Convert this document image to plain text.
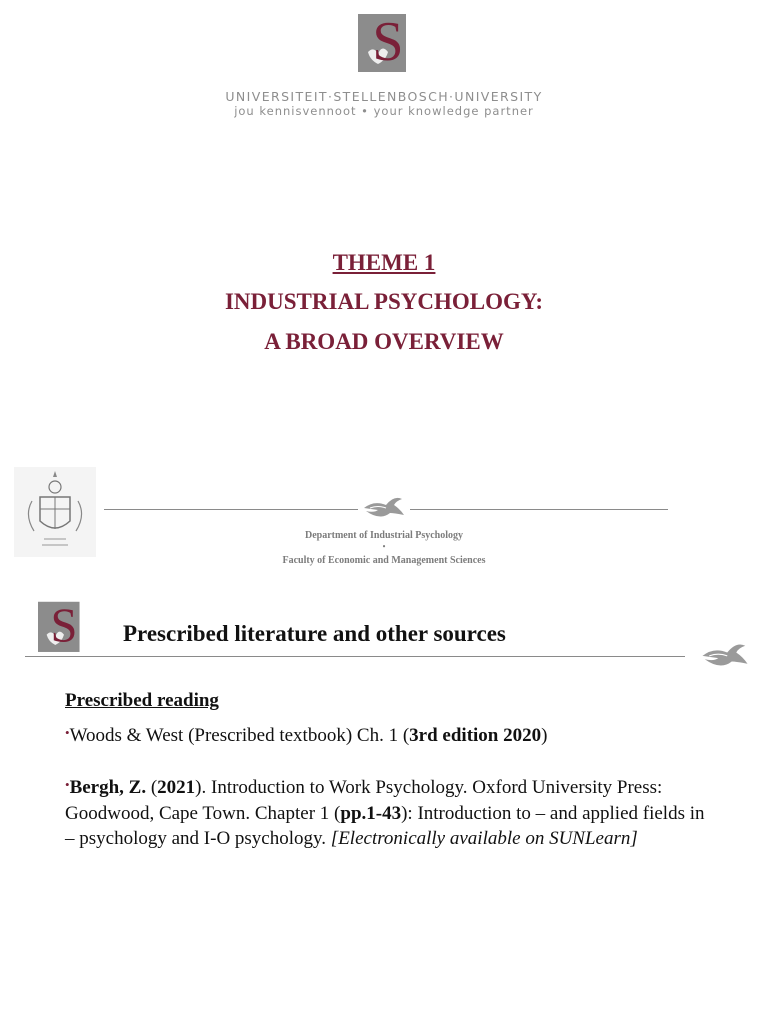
S
UNIVERSITEIT·STELLENBOSCH·UNIVERSITY
jou kennisvennoot • your knowledge partner
THEME 1
INDUSTRIAL PSYCHOLOGY:
A BROAD OVERVIEW
Department of Industrial Psychology
•
Faculty of Economic and Management Sciences
S Prescribed literature and other sources

Prescribed reading

•Woods & West (Prescribed textbook) Ch. 1 (3rd edition 2020)

•Bergh, Z. (2021). Introduction to Work Psychology. Oxford University Press: Goodwood, Cape Town. Chapter 1 (pp.1-43): Introduction to – and applied fields in – psychology and I-O psychology. [Electronically available on SUNLearn]
